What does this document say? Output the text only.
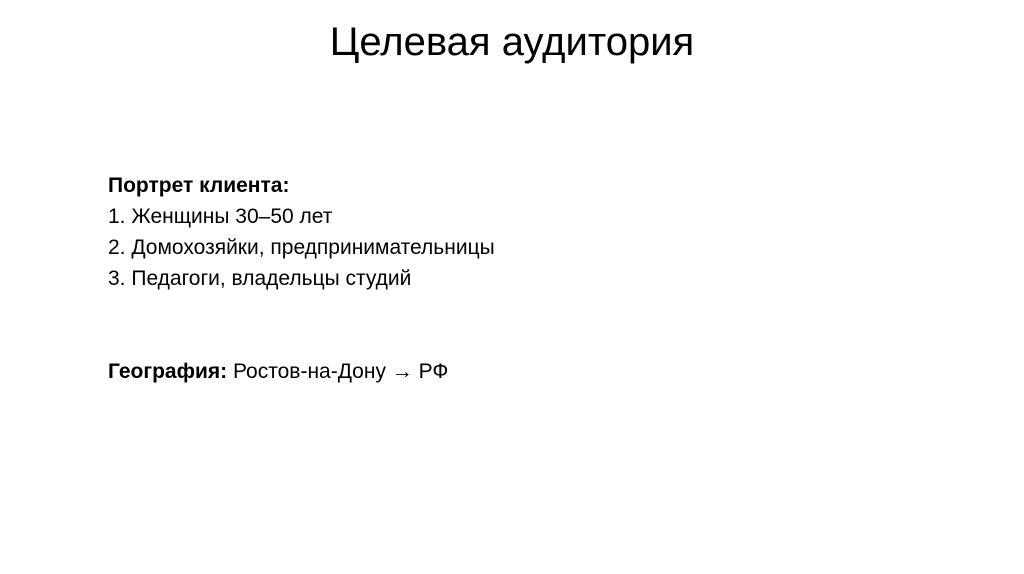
Целевая аудитория
Портрет клиента:
1. Женщины 30–50 лет
2. Домохозяйки, предпринимательницы
3. Педагоги, владельцы студий
География: Ростов-на-Дону → РФ
